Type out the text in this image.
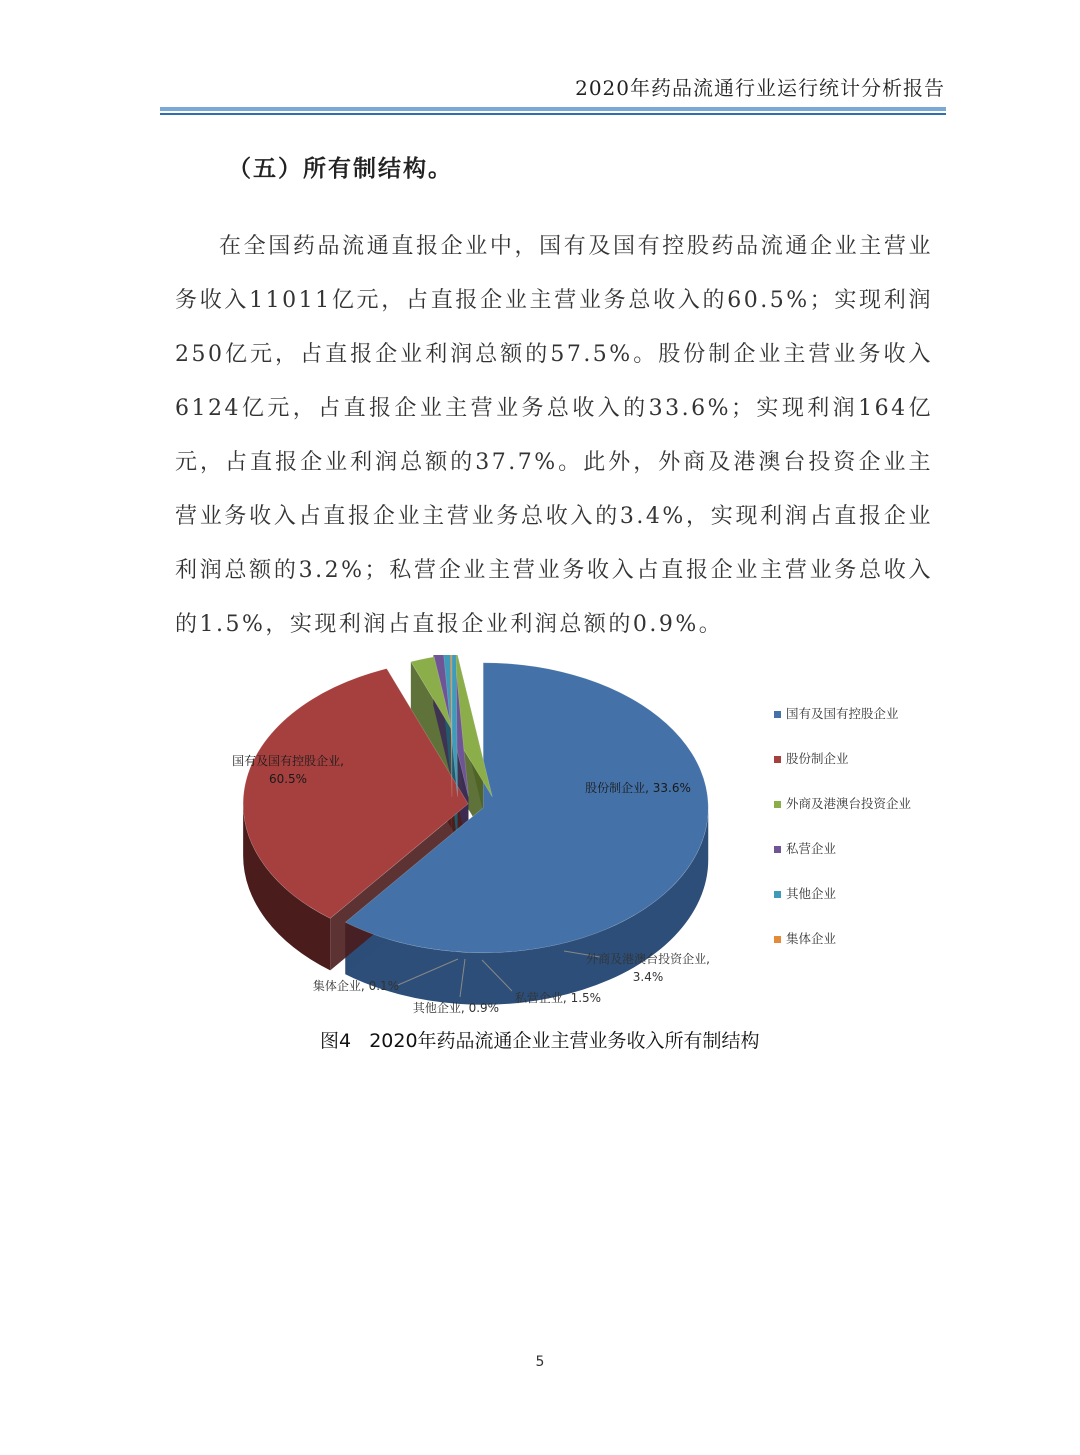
2020年药品流通行业运行统计分析报告
（五）所有制结构。
在全国药品流通直报企业中，国有及国有控股药品流通企业主营业务收入11011亿元，占直报企业主营业务总收入的60.5%；实现利润250亿元，占直报企业利润总额的57.5%。股份制企业主营业务收入6124亿元，占直报企业主营业务总收入的33.6%；实现利润164亿元，占直报企业利润总额的37.7%。此外，外商及港澳台投资企业主营业务收入占直报企业主营业务总收入的3.4%，实现利润占直报企业利润总额的3.2%；私营企业主营业务收入占直报企业主营业务总收入的1.5%，实现利润占直报企业利润总额的0.9%。
国有及国有控股企业, 60.5%
股份制企业, 33.6%
外商及港澳台投资企业, 3.4%
私营企业, 1.5%
其他企业, 0.9%
集体企业, 0.1%
国有及国有控股企业
股份制企业
外商及港澳台投资企业
私营企业
其他企业
集体企业
图4   2020年药品流通企业主营业务收入所有制结构
5
